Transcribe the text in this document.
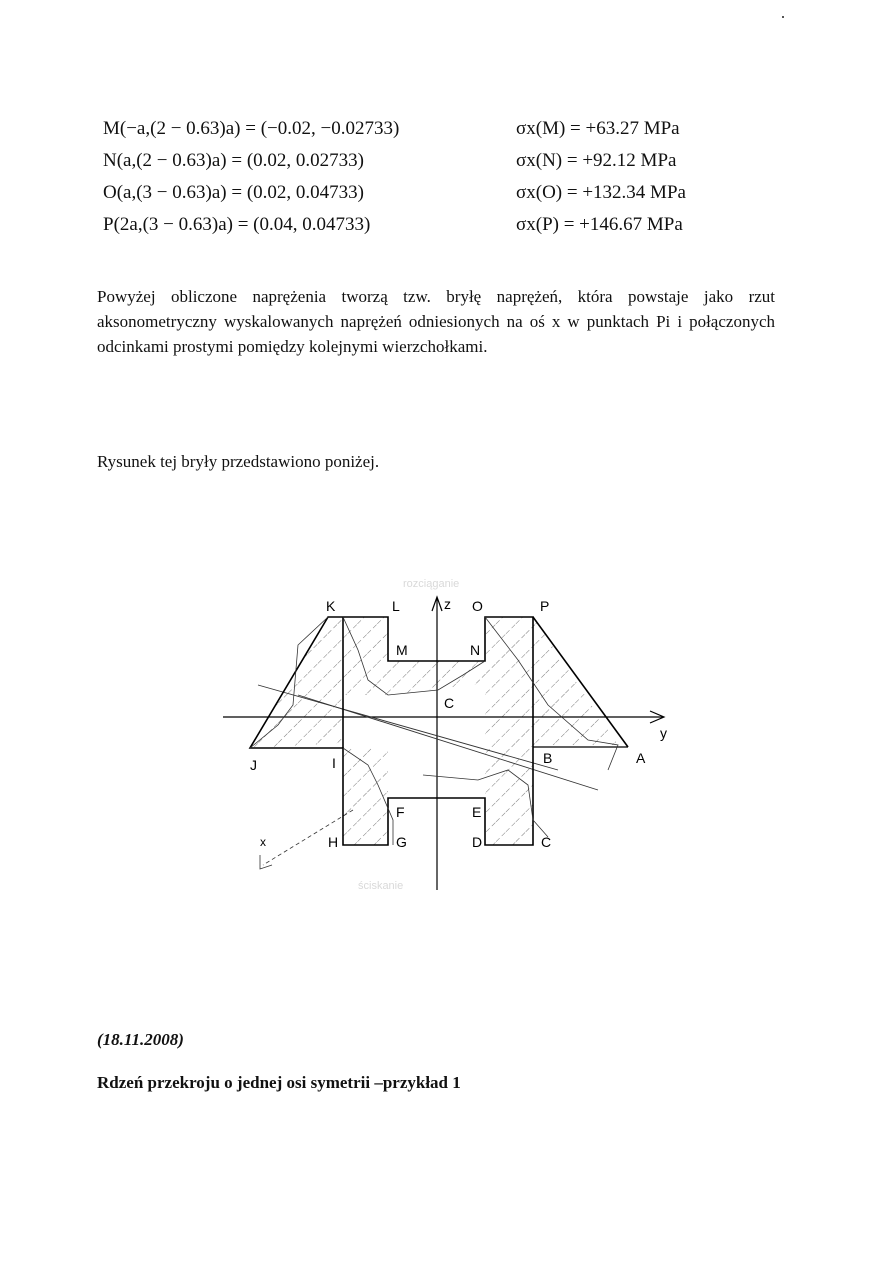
M(−a,(2 − 0.63)a) = (−0.02, −0.02733)	σx(M) = +63.27 MPa
N(a,(2 − 0.63)a) = (0.02, 0.02733)	σx(N) = +92.12 MPa
O(a,(3 − 0.63)a) = (0.02, 0.04733)	σx(O) = +132.34 MPa
P(2a,(3 − 0.63)a) = (0.04, 0.04733)	σx(P) = +146.67 MPa

Powyżej obliczone naprężenia tworzą tzw. bryłę naprężeń, która powstaje jako rzut aksonometryczny wyskalowanych naprężeń odniesionych na oś x w punktach Pi i połączonych odcinkami prostymi pomiędzy kolejnymi wierzchołkami.

Rysunek tej bryły przedstawiono poniżej.
K	L	z O	P
M	N
C
y
J	I	B	A
F	E
H	G	D	C
x
rozciąganie
ściskanie
(18.11.2008)
Rdzeń przekroju o jednej osi symetrii –przykład 1
